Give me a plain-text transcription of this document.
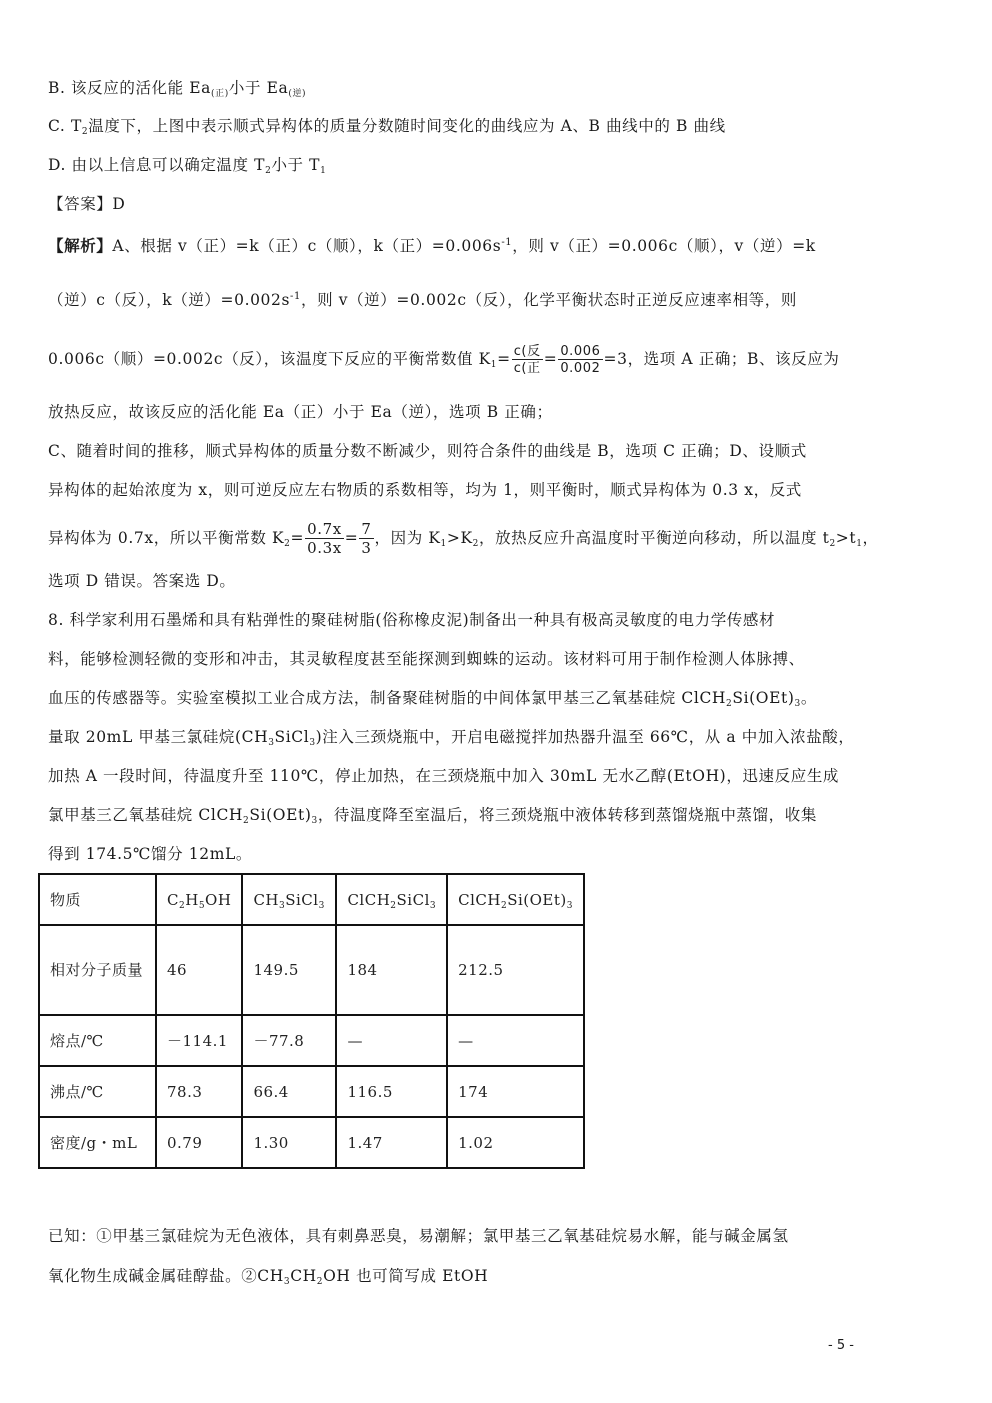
B. 该反应的活化能 $Ea_{(正)}$小于 $Ea_{(逆)}$
C. $T_2$温度下，上图中表示顺式异构体的质量分数随时间变化的曲线应为 A、B 曲线中的 B 曲线
D. 由以上信息可以确定温度 $T_2$小于 $T_1$
【答案】D
【解析】A、根据 v（正）=k（正）c（顺），k（正）$=0.006s^{-1}$，则 v（正）=0.006c（顺），v（逆）=k
（逆）c（反），k（逆）$=0.002s^{-1}$，则 v（逆）=0.002c（反），化学平衡状态时正逆反应速率相等，则
0.006c（顺）=0.002c（反），该温度下反应的平衡常数值 $K_1= \frac{\text{c(反}}{\text{c(正}} = \frac{0.006}{0.002} =3$，选项 A 正确；B、该反应为
放热反应，故该反应的活化能 Ea（正）小于 Ea（逆），选项 B 正确；
C、随着时间的推移，顺式异构体的质量分数不断减少，则符合条件的曲线是 B，选项 C 正确；D、设顺式
异构体的起始浓度为 x，则可逆反应左右物质的系数相等，均为 1，则平衡时，顺式异构体为 0.3 x，反式
异构体为 0.7x，所以平衡常数 $K_2= \frac{0.7x}{0.3x} = \frac{7}{3}$ ，因为 $K_1>K_2$，放热反应升高温度时平衡逆向移动，所以温度 $t_2>t_1$，
选项 D 错误。答案选 D。
8. 科学家利用石墨烯和具有粘弹性的聚硅树脂(俗称橡皮泥)制备出一种具有极高灵敏度的电力学传感材
料，能够检测轻微的变形和冲击，其灵敏程度甚至能探测到蜘蛛的运动。该材料可用于制作检测人体脉搏、
血压的传感器等。实验室模拟工业合成方法，制备聚硅树脂的中间体氯甲基三乙氧基硅烷 $ClCH_2Si(OEt)_3$。
量取 20mL 甲基三氯硅烷$(CH_3SiCl_3)$注入三颈烧瓶中，开启电磁搅拌加热器升温至 66℃，从 a 中加入浓盐酸，
加热 A 一段时间，待温度升至 110℃，停止加热，在三颈烧瓶中加入 30mL 无水乙醇(EtOH)，迅速反应生成
氯甲基三乙氧基硅烷 $ClCH_2Si(OEt)_3$，待温度降至室温后，将三颈烧瓶中液体转移到蒸馏烧瓶中蒸馏，收集
得到 174.5℃馏分 12mL。
物质	$C_2H_5OH$	$CH_3SiCl_3$	ClCH$_2$SiCl$_3$	$ClCH_2Si(OEt)_3$
相对分子质量	46	149.5	184	212.5
熔点/℃	－114.1	－77.8	—	—
沸点/℃	78.3	66.4	116.5	174
密度/g・mL	0.79	1.30	1.47	1.02
已知：①甲基三氯硅烷为无色液体，具有刺鼻恶臭，易潮解；氯甲基三乙氧基硅烷易水解，能与碱金属氢
氧化物生成碱金属硅醇盐。$②CH_3CH_2OH$ 也可简写成 EtOH
- 5 -
